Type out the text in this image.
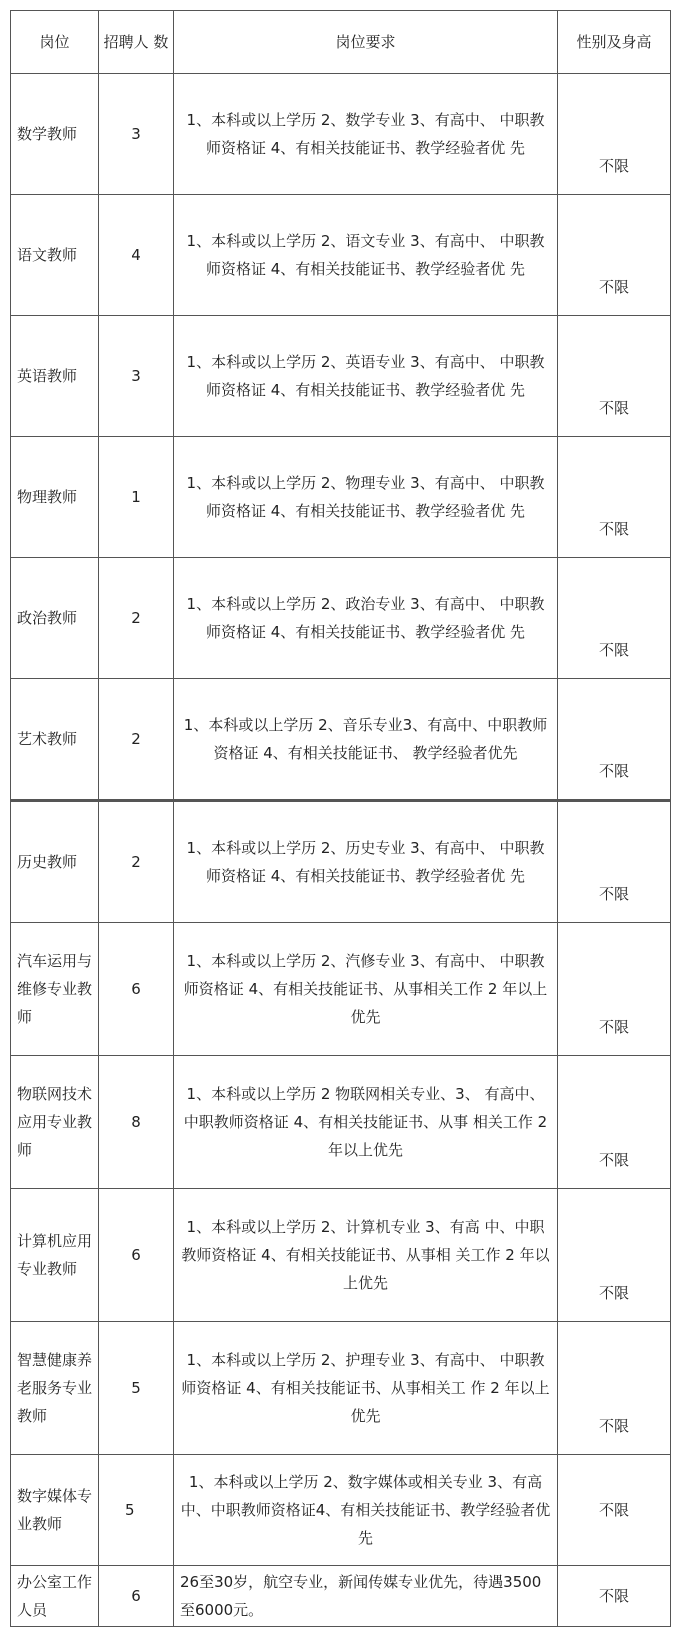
岗位	招聘人 数	岗位要求	性别及身高
数学教师	3	1、本科或以上学历 2、数学专业 3、有高中、 中职教师资格证 4、有相关技能证书、教学经验者优 先	不限
语文教师	4	1、本科或以上学历 2、语文专业 3、有高中、 中职教师资格证 4、有相关技能证书、教学经验者优 先	不限
英语教师	3	1、本科或以上学历 2、英语专业 3、有高中、 中职教师资格证 4、有相关技能证书、教学经验者优 先	不限
物理教师	1	1、本科或以上学历 2、物理专业 3、有高中、 中职教师资格证 4、有相关技能证书、教学经验者优 先	不限
政治教师	2	1、本科或以上学历 2、政治专业 3、有高中、 中职教师资格证 4、有相关技能证书、教学经验者优 先	不限
艺术教师	2	1、本科或以上学历 2、音乐专业3、有高中、中职教师资格证 4、有相关技能证书、 教学经验者优先	不限
历史教师	2	1、本科或以上学历 2、历史专业 3、有高中、 中职教师资格证 4、有相关技能证书、教学经验者优 先	不限
汽车运用与维修专业教师	6	1、本科或以上学历 2、汽修专业 3、有高中、 中职教师资格证 4、有相关技能证书、从事相关工作 2 年以上优先	不限
物联网技术应用专业教师	8	1、本科或以上学历 2 物联网相关专业、3、 有高中、中职教师资格证 4、有相关技能证书、从事 相关工作 2 年以上优先	不限
计算机应用专业教师	6	1、本科或以上学历 2、计算机专业 3、有高 中、中职教师资格证 4、有相关技能证书、从事相 关工作 2 年以上优先	不限
智慧健康养老服务专业教师	5	1、本科或以上学历 2、护理专业 3、有高中、 中职教师资格证 4、有相关技能证书、从事相关工 作 2 年以上优先	不限
数字媒体专业教师	5	1、本科或以上学历 2、数字媒体或相关专业 3、有高中、中职教师资格证4、有相关技能证书、教学经验者优先	不限
办公室工作人员	6	26至30岁，航空专业，新闻传媒专业优先，待遇3500至6000元。	不限
